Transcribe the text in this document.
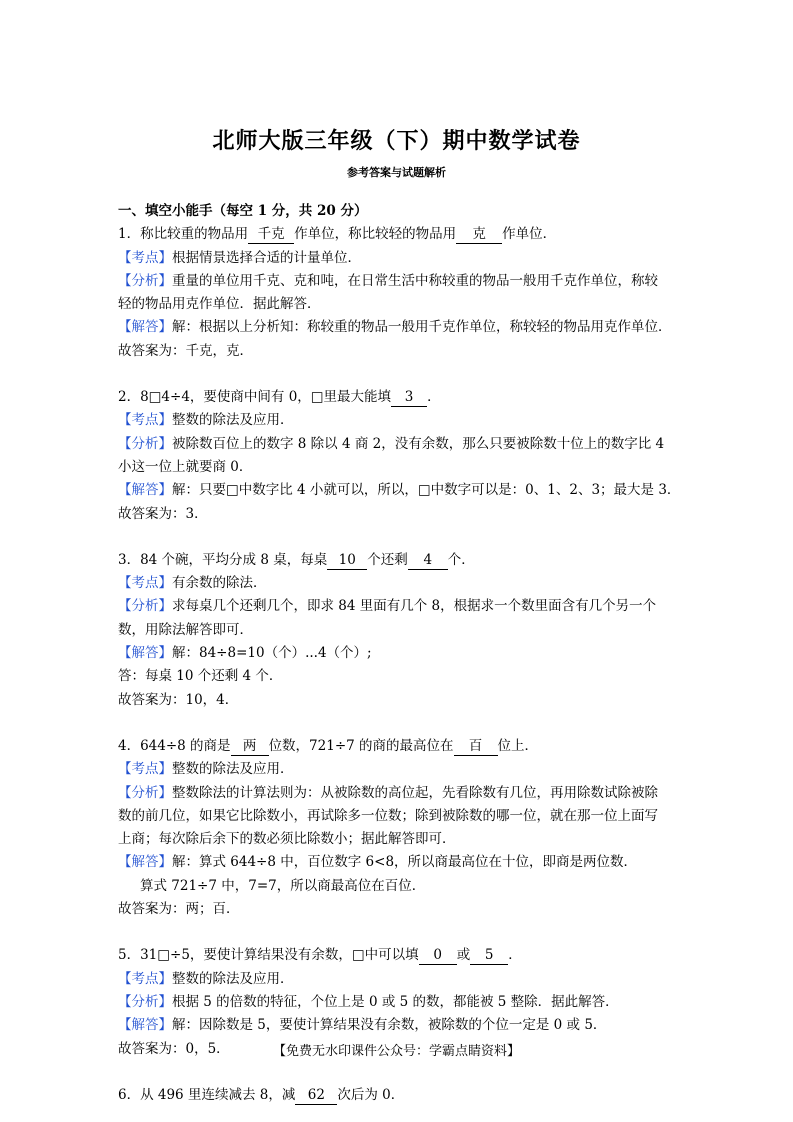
北师大版三年级（下）期中数学试卷
参考答案与试题解析
一、填空小能手（每空 1 分，共 20 分）
1．称比较重的物品用 千克 作单位，称比较轻的物品用 克 作单位．
【考点】根据情景选择合适的计量单位．
【分析】重量的单位用千克、克和吨，在日常生活中称较重的物品一般用千克作单位，称较
轻的物品用克作单位．据此解答．
【解答】解：根据以上分析知：称较重的物品一般用千克作单位，称较轻的物品用克作单位．
故答案为：千克，克．
2．8□4÷4，要使商中间有 0，□里最大能填 3 ．
【考点】整数的除法及应用．
【分析】被除数百位上的数字 8 除以 4 商 2，没有余数，那么只要被除数十位上的数字比 4
小这一位上就要商 0．
【解答】解：只要□中数字比 4 小就可以，所以，□中数字可以是：0、1、2、3；最大是 3．
故答案为：3．
3．84 个碗，平均分成 8 桌，每桌 10 个还剩 4 个．
【考点】有余数的除法．
【分析】求每桌几个还剩几个，即求 84 里面有几个 8，根据求一个数里面含有几个另一个
数，用除法解答即可．
【解答】解：84÷8=10（个）...4（个）;
答：每桌 10 个还剩 4 个．
故答案为：10，4．
4．644÷8 的商是 两 位数，721÷7 的商的最高位在 百 位上．
【考点】整数的除法及应用．
【分析】整数除法的计算法则为：从被除数的高位起，先看除数有几位，再用除数试除被除
数的前几位，如果它比除数小，再试除多一位数；除到被除数的哪一位，就在那一位上面写
上商；每次除后余下的数必须比除数小；据此解答即可．
【解答】解：算式 644÷8 中，百位数字 6<8，所以商最高位在十位，即商是两位数．
算式 721÷7 中，7=7，所以商最高位在百位．
故答案为：两；百．
5．31□÷5，要使计算结果没有余数，□中可以填 0 或 5 ．
【考点】整数的除法及应用．
【分析】根据 5 的倍数的特征，个位上是 0 或 5 的数，都能被 5 整除．据此解答．
【解答】解：因除数是 5，要使计算结果没有余数，被除数的个位一定是 0 或 5．
故答案为：0，5．
6．从 496 里连续减去 8，减 62 次后为 0．
【免费无水印课件公众号：学霸点睛资料】
